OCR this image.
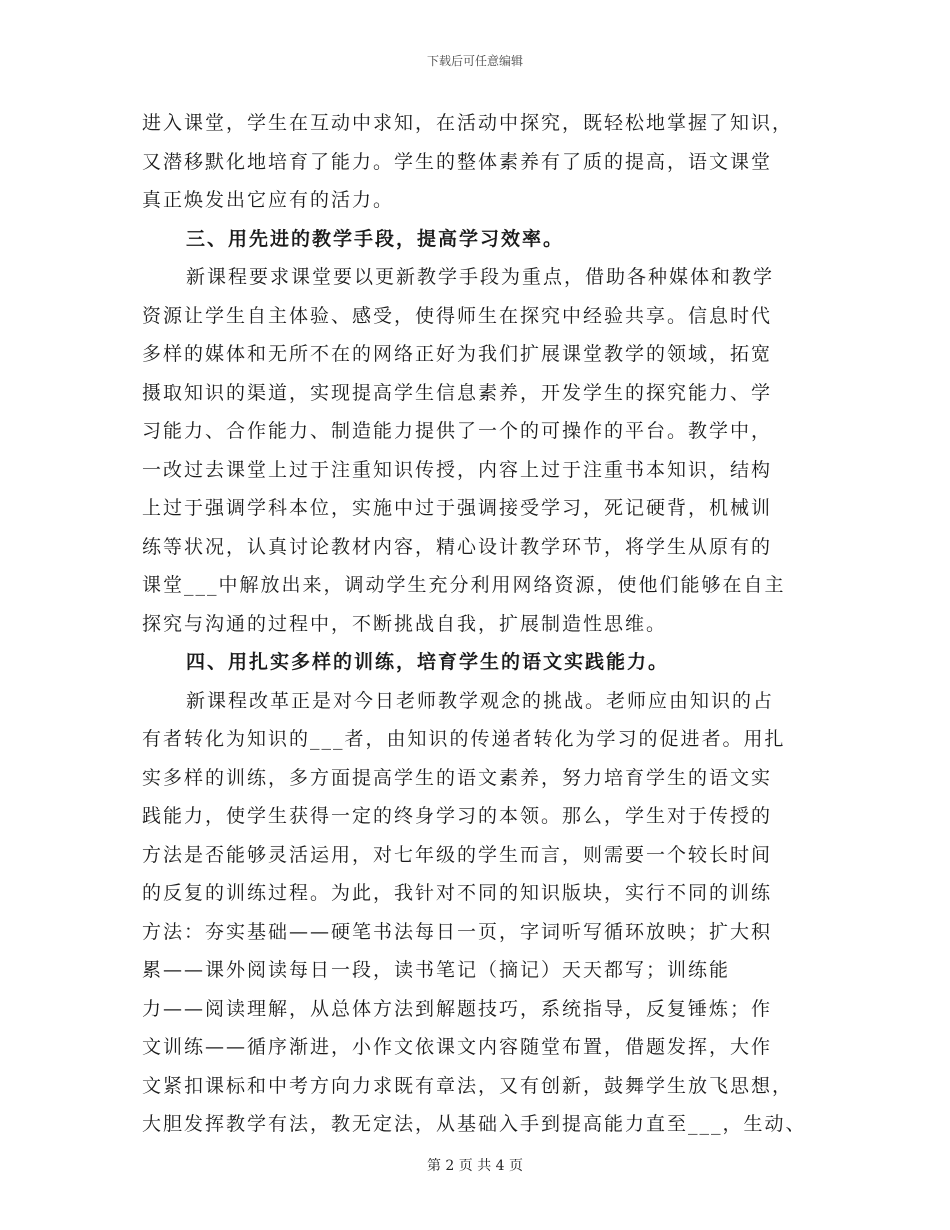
下载后可任意编辑
进入课堂，学生在互动中求知，在活动中探究，既轻松地掌握了知识，
又潜移默化地培育了能力。学生的整体素养有了质的提高，语文课堂
真正焕发出它应有的活力。
三、用先进的教学手段，提高学习效率。
新课程要求课堂要以更新教学手段为重点，借助各种媒体和教学
资源让学生自主体验、感受，使得师生在探究中经验共享。信息时代
多样的媒体和无所不在的网络正好为我们扩展课堂教学的领域，拓宽
摄取知识的渠道，实现提高学生信息素养，开发学生的探究能力、学
习能力、合作能力、制造能力提供了一个的可操作的平台。教学中，
一改过去课堂上过于注重知识传授，内容上过于注重书本知识，结构
上过于强调学科本位，实施中过于强调接受学习，死记硬背，机械训
练等状况，认真讨论教材内容，精心设计教学环节，将学生从原有的
课堂___中解放出来，调动学生充分利用网络资源，使他们能够在自主
探究与沟通的过程中，不断挑战自我，扩展制造性思维。
四、用扎实多样的训练，培育学生的语文实践能力。
新课程改革正是对今日老师教学观念的挑战。老师应由知识的占
有者转化为知识的___者，由知识的传递者转化为学习的促进者。用扎
实多样的训练，多方面提高学生的语文素养，努力培育学生的语文实
践能力，使学生获得一定的终身学习的本领。那么，学生对于传授的
方法是否能够灵活运用，对七年级的学生而言，则需要一个较长时间
的反复的训练过程。为此，我针对不同的知识版块，实行不同的训练
方法：夯实基础——硬笔书法每日一页，字词听写循环放映；扩大积
累——课外阅读每日一段，读书笔记（摘记）天天都写；训练能
力——阅读理解，从总体方法到解题技巧，系统指导，反复锤炼；作
文训练——循序渐进，小作文依课文内容随堂布置，借题发挥，大作
文紧扣课标和中考方向力求既有章法，又有创新，鼓舞学生放飞思想，
大胆发挥教学有法，教无定法，从基础入手到提高能力直至___，生动、
第 2 页 共 4 页
